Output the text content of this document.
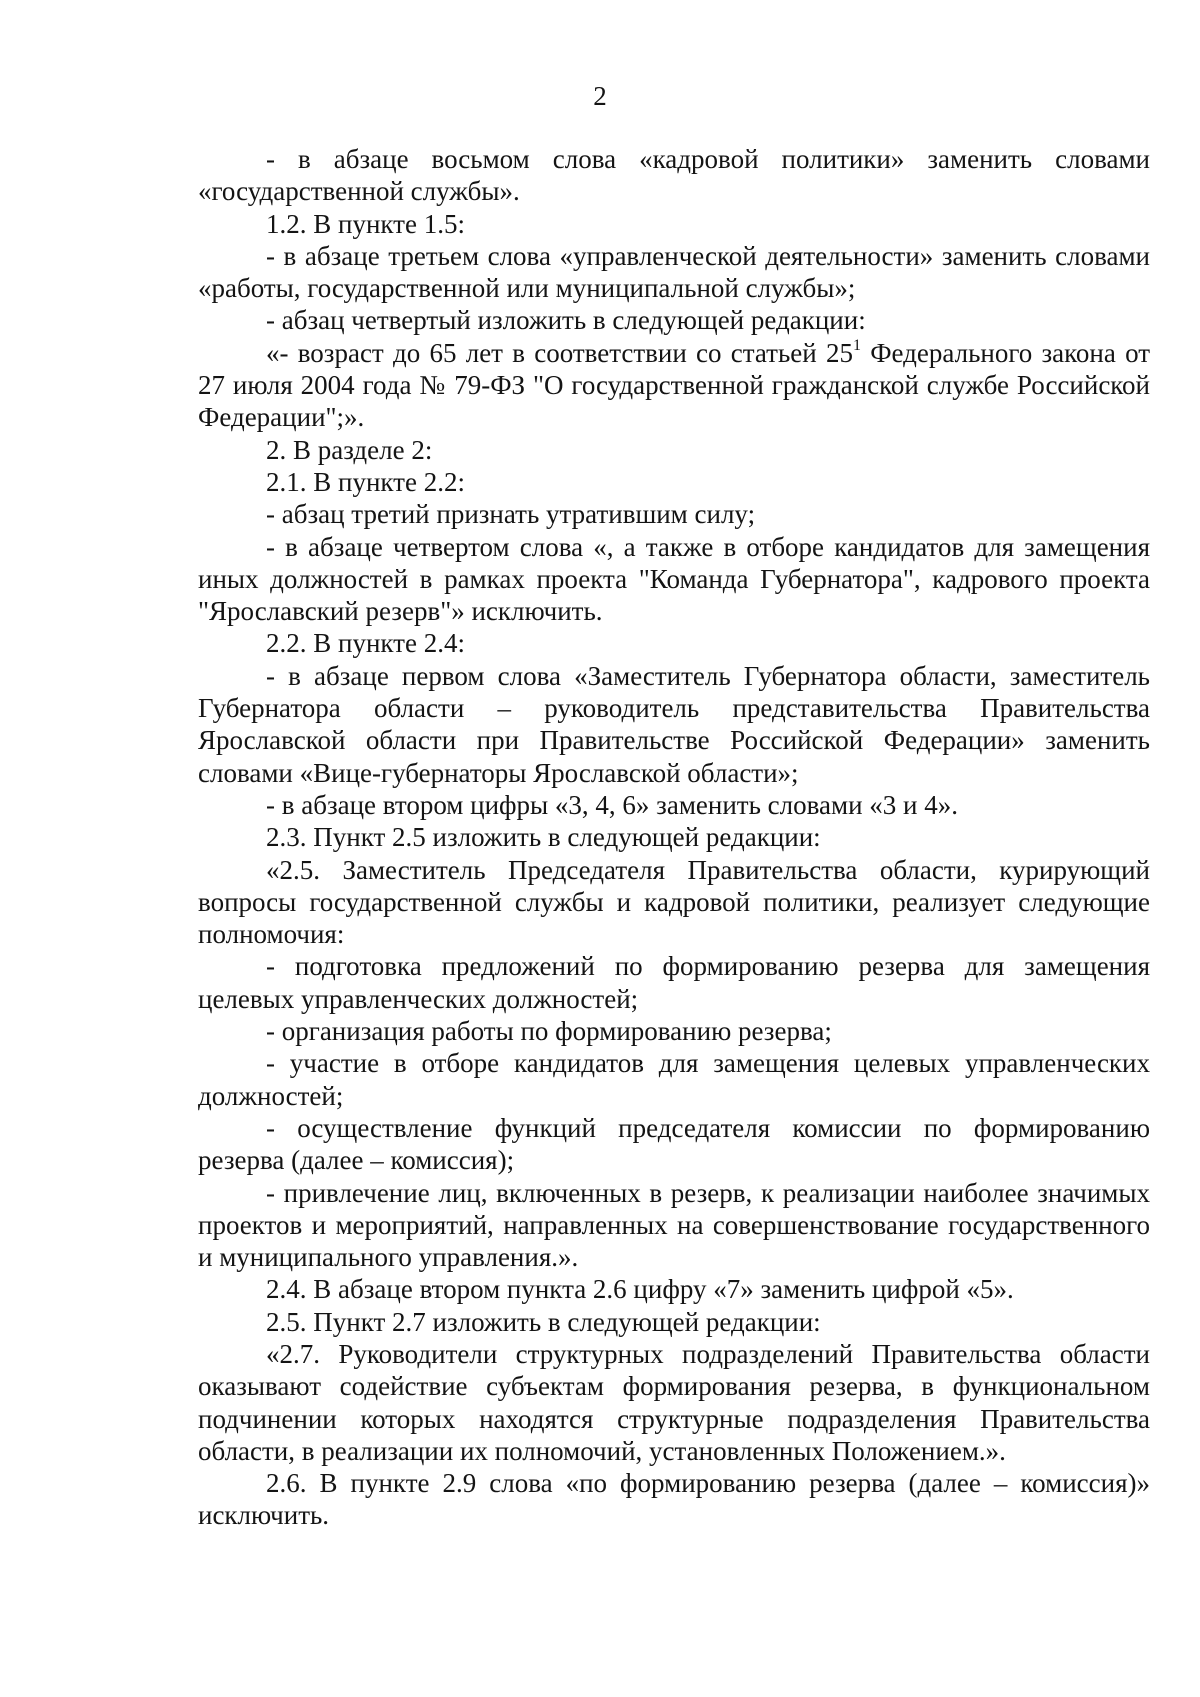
2

- в абзаце восьмом слова «кадровой политики» заменить словами «государственной службы».

1.2. В пункте 1.5:

- в абзаце третьем слова «управленческой деятельности» заменить словами «работы, государственной или муниципальной службы»;

- абзац четвертый изложить в следующей редакции:

«- возраст до 65 лет в соответствии со статьей $25^1$ Федерального закона от 27 июля 2004 года № 79-ФЗ "О государственной гражданской службе Российской Федерации";».

2. В разделе 2:

2.1. В пункте 2.2:

- абзац третий признать утратившим силу;

- в абзаце четвертом слова «, а также в отборе кандидатов для замещения иных должностей в рамках проекта "Команда Губернатора", кадрового проекта "Ярославский резерв"» исключить.

2.2. В пункте 2.4:

- в абзаце первом слова «Заместитель Губернатора области, заместитель Губернатора области – руководитель представительства Правительства Ярославской области при Правительстве Российской Федерации» заменить словами «Вице-губернаторы Ярославской области»;

- в абзаце втором цифры «3, 4, 6» заменить словами «3 и 4».

2.3. Пункт 2.5 изложить в следующей редакции:

«2.5. Заместитель Председателя Правительства области, курирующий вопросы государственной службы и кадровой политики, реализует следующие полномочия:

- подготовка предложений по формированию резерва для замещения целевых управленческих должностей;

- организация работы по формированию резерва;

- участие в отборе кандидатов для замещения целевых управленческих должностей;

- осуществление функций председателя комиссии по формированию резерва (далее – комиссия);

- привлечение лиц, включенных в резерв, к реализации наиболее значимых проектов и мероприятий, направленных на совершенствование государственного и муниципального управления.».

2.4. В абзаце втором пункта 2.6 цифру «7» заменить цифрой «5».

2.5. Пункт 2.7 изложить в следующей редакции:

«2.7. Руководители структурных подразделений Правительства области оказывают содействие субъектам формирования резерва, в функциональном подчинении которых находятся структурные подразделения Правительства области, в реализации их полномочий, установленных Положением.».

2.6. В пункте 2.9 слова «по формированию резерва (далее – комиссия)» исключить.
